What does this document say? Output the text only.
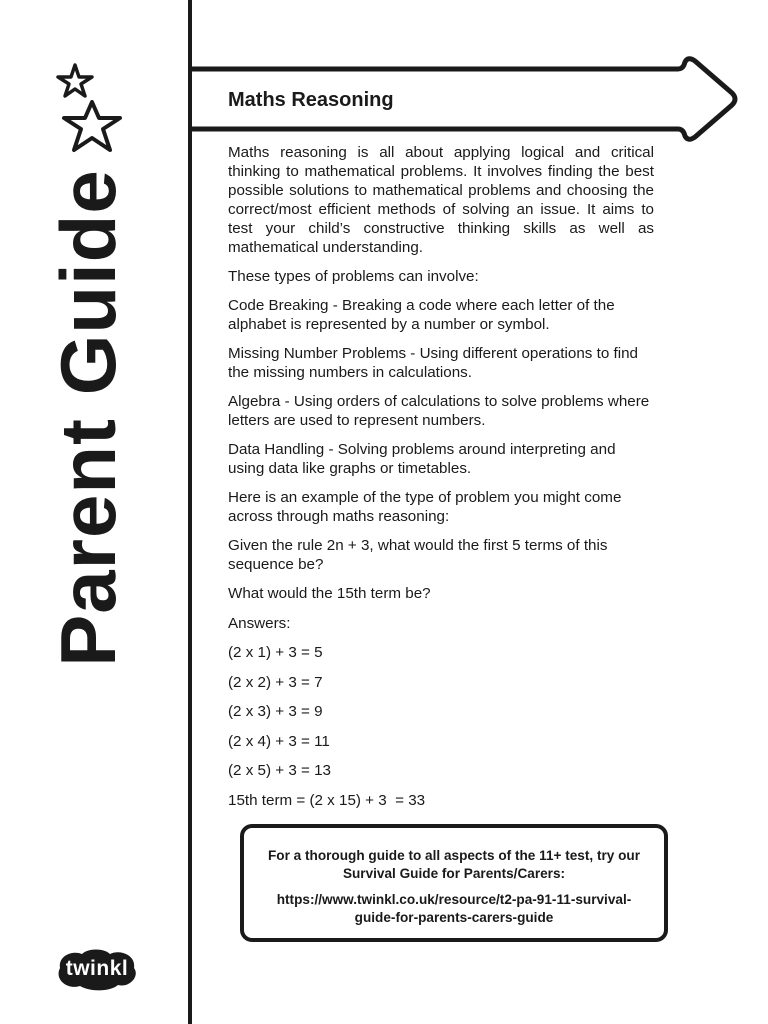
Parent Guide
twinkl
Maths Reasoning

Maths reasoning is all about applying logical and critical thinking to mathematical problems. It involves finding the best possible solutions to mathematical problems and choosing the correct/most efficient methods of solving an issue. It aims to test your child’s constructive thinking skills as well as mathematical understanding.

These types of problems can involve:

Code Breaking - Breaking a code where each letter of the alphabet is represented by a number or symbol.

Missing Number Problems - Using different operations to find the missing numbers in calculations.

Algebra - Using orders of calculations to solve problems where letters are used to represent numbers.

Data Handling - Solving problems around interpreting and using data like graphs or timetables.

Here is an example of the type of problem you might come across through maths reasoning:

Given the rule 2n + 3, what would the first 5 terms of this sequence be?

What would the 15th term be?

Answers:

(2 x 1) + 3 = 5

(2 x 2) + 3 = 7

(2 x 3) + 3 = 9

(2 x 4) + 3 = 11

(2 x 5) + 3 = 13

15th term = (2 x 15) + 3  = 33

For a thorough guide to all aspects of the 11+ test, try our Survival Guide for Parents/Carers:
https://www.twinkl.co.uk/resource/t2-pa-91-11-survival-guide-for-parents-carers-guide
